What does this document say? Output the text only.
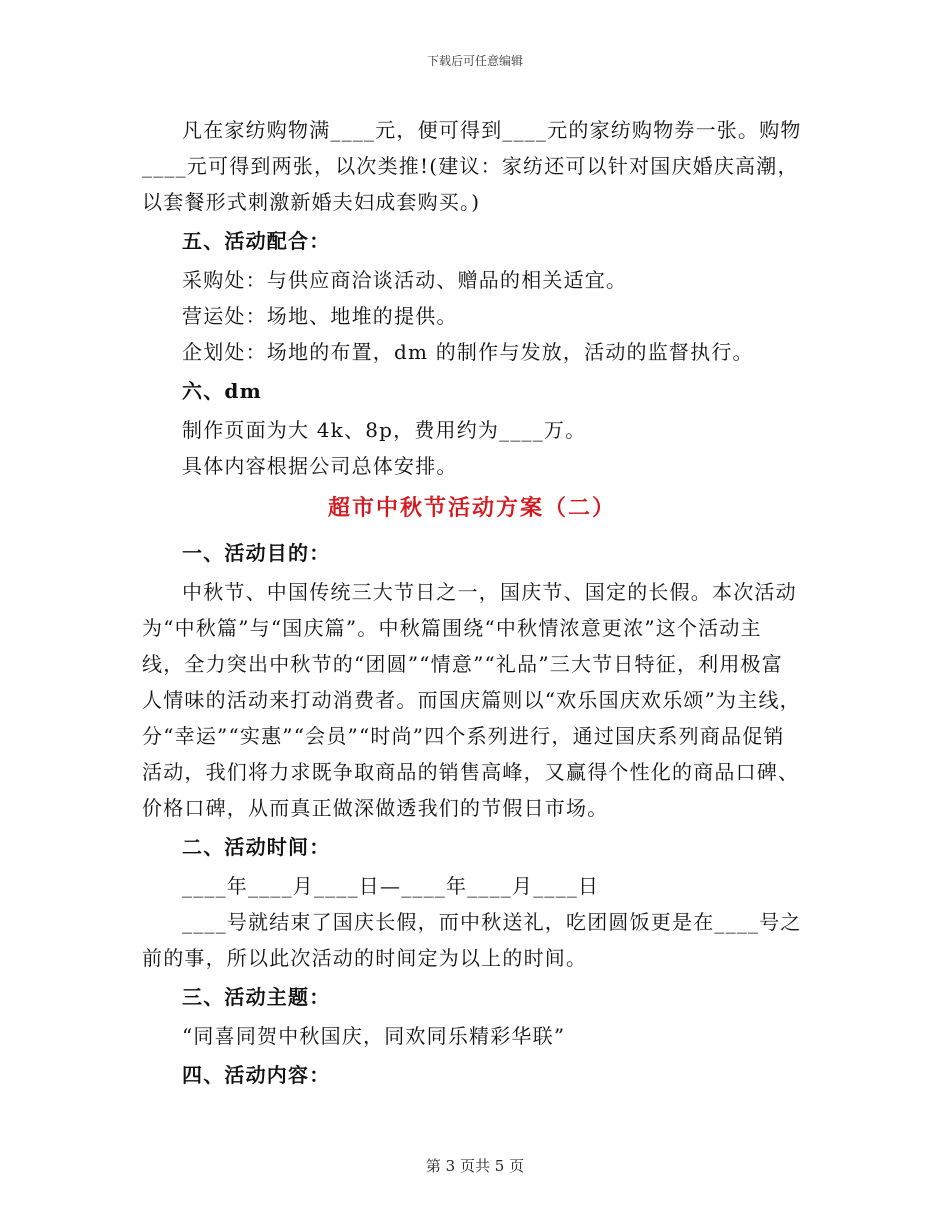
下载后可任意编辑

凡在家纺购物满____元，便可得到____元的家纺购物券一张。购物____元可得到两张，以次类推!(建议：家纺还可以针对国庆婚庆高潮，以套餐形式刺激新婚夫妇成套购买。)

五、活动配合：

采购处：与供应商洽谈活动、赠品的相关适宜。

营运处：场地、地堆的提供。

企划处：场地的布置，dm 的制作与发放，活动的监督执行。

六、dm

制作页面为大 4k、8p，费用约为____万。

具体内容根据公司总体安排。

超市中秋节活动方案（二）
一、活动目的：

中秋节、中国传统三大节日之一，国庆节、国定的长假。本次活动为“中秋篇”与“国庆篇”。中秋篇围绕“中秋情浓意更浓”这个活动主线，全力突出中秋节的“团圆”“情意”“礼品”三大节日特征，利用极富人情味的活动来打动消费者。而国庆篇则以“欢乐国庆欢乐颂”为主线，分“幸运”“实惠”“会员”“时尚”四个系列进行，通过国庆系列商品促销活动，我们将力求既争取商品的销售高峰，又赢得个性化的商品口碑、价格口碑，从而真正做深做透我们的节假日市场。

二、活动时间：

____年____月____日—____年____月____日

____号就结束了国庆长假，而中秋送礼，吃团圆饭更是在____号之前的事，所以此次活动的时间定为以上的时间。

三、活动主题：

“同喜同贺中秋国庆，同欢同乐精彩华联”

四、活动内容：
第 3 页共 5 页
